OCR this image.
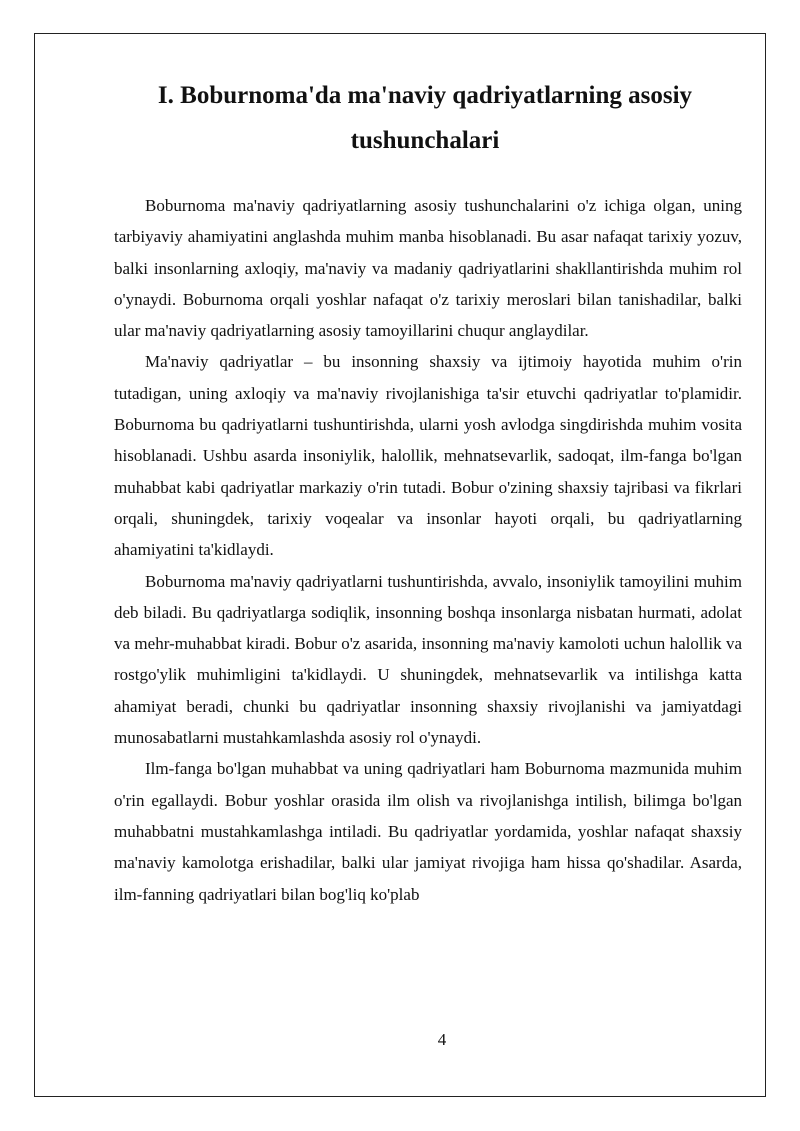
I. Boburnoma'da ma'naviy qadriyatlarning asosiy
tushunchalari

Boburnoma ma'naviy qadriyatlarning asosiy tushunchalarini o'z ichiga olgan, uning tarbiyaviy ahamiyatini anglashda muhim manba hisoblanadi. Bu asar nafaqat tarixiy yozuv, balki insonlarning axloqiy, ma'naviy va madaniy qadriyatlarini shakllantirishda muhim rol o'ynaydi. Boburnoma orqali yoshlar nafaqat o'z tarixiy meroslari bilan tanishadilar, balki ular ma'naviy qadriyatlarning asosiy tamoyillarini chuqur anglaydilar.

Ma'naviy qadriyatlar – bu insonning shaxsiy va ijtimoiy hayotida muhim o'rin tutadigan, uning axloqiy va ma'naviy rivojlanishiga ta'sir etuvchi qadriyatlar to'plamidir. Boburnoma bu qadriyatlarni tushuntirishda, ularni yosh avlodga singdirishda muhim vosita hisoblanadi. Ushbu asarda insoniylik, halollik, mehnatsevarlik, sadoqat, ilm-fanga bo'lgan muhabbat kabi qadriyatlar markaziy o'rin tutadi. Bobur o'zining shaxsiy tajribasi va fikrlari orqali, shuningdek, tarixiy voqealar va insonlar hayoti orqali, bu qadriyatlarning ahamiyatini ta'kidlaydi.

Boburnoma ma'naviy qadriyatlarni tushuntirishda, avvalo, insoniylik tamoyilini muhim deb biladi. Bu qadriyatlarga sodiqlik, insonning boshqa insonlarga nisbatan hurmati, adolat va mehr-muhabbat kiradi. Bobur o'z asarida, insonning ma'naviy kamoloti uchun halollik va rostgo'ylik muhimligini ta'kidlaydi. U shuningdek, mehnatsevarlik va intilishga katta ahamiyat beradi, chunki bu qadriyatlar insonning shaxsiy rivojlanishi va jamiyatdagi munosabatlarni mustahkamlashda asosiy rol o'ynaydi.

Ilm-fanga bo'lgan muhabbat va uning qadriyatlari ham Boburnoma mazmunida muhim o'rin egallaydi. Bobur yoshlar orasida ilm olish va rivojlanishga intilish, bilimga bo'lgan muhabbatni mustahkamlashga intiladi. Bu qadriyatlar yordamida, yoshlar nafaqat shaxsiy ma'naviy kamolotga erishadilar, balki ular jamiyat rivojiga ham hissa qo'shadilar. Asarda, ilm-fanning qadriyatlari bilan bog'liq ko'plab

4
